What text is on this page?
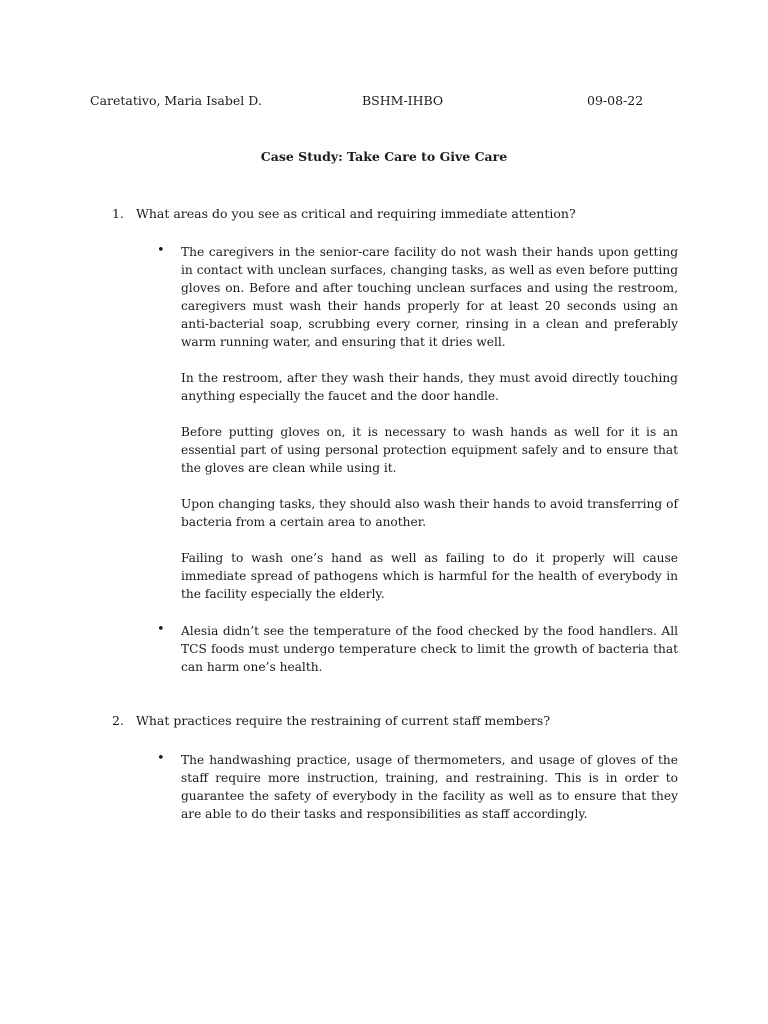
Caretativo, Maria Isabel D.	BSHM-IHBO	09-08-22
Case Study: Take Care to Give Care
1. What areas do you see as critical and requiring immediate attention?
• The caregivers in the senior-care facility do not wash their hands upon getting in contact with unclean surfaces, changing tasks, as well as even before putting gloves on. Before and after touching unclean surfaces and using the restroom, caregivers must wash their hands properly for at least 20 seconds using an anti-bacterial soap, scrubbing every corner, rinsing in a clean and preferably warm running water, and ensuring that it dries well.
In the restroom, after they wash their hands, they must avoid directly touching anything especially the faucet and the door handle.
Before putting gloves on, it is necessary to wash hands as well for it is an essential part of using personal protection equipment safely and to ensure that the gloves are clean while using it.
Upon changing tasks, they should also wash their hands to avoid transferring of bacteria from a certain area to another.
Failing to wash one’s hand as well as failing to do it properly will cause immediate spread of pathogens which is harmful for the health of everybody in the facility especially the elderly.
• Alesia didn’t see the temperature of the food checked by the food handlers. All TCS foods must undergo temperature check to limit the growth of bacteria that can harm one’s health.
2. What practices require the restraining of current staff members?
• The handwashing practice, usage of thermometers, and usage of gloves of the staff require more instruction, training, and restraining. This is in order to guarantee the safety of everybody in the facility as well as to ensure that they are able to do their tasks and responsibilities as staff accordingly.
